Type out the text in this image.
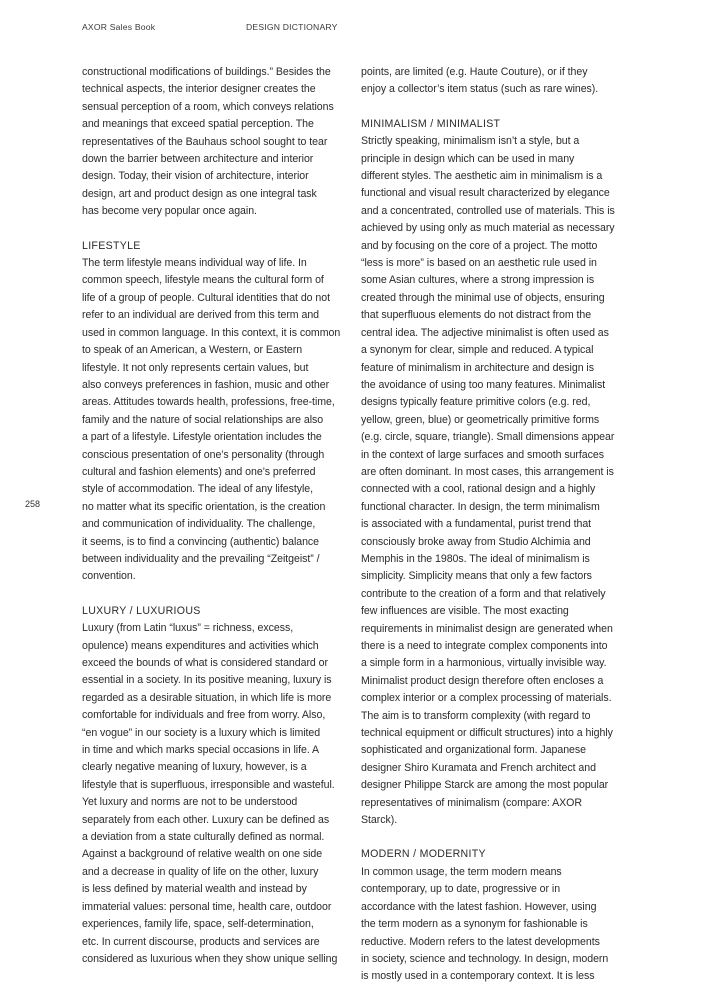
AXOR Sales Book	DESIGN DICTIONARY
258

constructional modifications of buildings.” Besides the
technical aspects, the interior designer creates the
sensual perception of a room, which conveys relations
and meanings that exceed spatial perception. The
representatives of the Bauhaus school sought to tear
down the barrier between architecture and interior
design. Today, their vision of architecture, interior
design, art and product design as one integral task
has become very popular once again.

LIFESTYLE

The term lifestyle means individual way of life. In
common speech, lifestyle means the cultural form of
life of a group of people. Cultural identities that do not
refer to an individual are derived from this term and
used in common language. In this context, it is common
to speak of an American, a Western, or Eastern
lifestyle. It not only represents certain values, but
also conveys preferences in fashion, music and other
areas. Attitudes towards health, professions, free-time,
family and the nature of social relationships are also
a part of a lifestyle. Lifestyle orientation includes the
conscious presentation of one’s personality (through
cultural and fashion elements) and one’s preferred
style of accommodation. The ideal of any lifestyle,
no matter what its specific orientation, is the creation
and communication of individuality. The challenge,
it seems, is to find a convincing (authentic) balance
between individuality and the prevailing “Zeitgeist” /
convention.

LUXURY / LUXURIOUS

Luxury (from Latin “luxus” = richness, excess,
opulence) means expenditures and activities which
exceed the bounds of what is considered standard or
essential in a society. In its positive meaning, luxury is
regarded as a desirable situation, in which life is more
comfortable for individuals and free from worry. Also,
“en vogue” in our society is a luxury which is limited
in time and which marks special occasions in life. A
clearly negative meaning of luxury, however, is a
lifestyle that is superfluous, irresponsible and wasteful.
Yet luxury and norms are not to be understood
separately from each other. Luxury can be defined as
a deviation from a state culturally defined as normal.
Against a background of relative wealth on one side
and a decrease in quality of life on the other, luxury
is less defined by material wealth and instead by
immaterial values: personal time, health care, outdoor
experiences, family life, space, self-determination,
etc. In current discourse, products and services are
considered as luxurious when they show unique selling

points, are limited (e.g. Haute Couture), or if they
enjoy a collector’s item status (such as rare wines).

MINIMALISM / MINIMALIST

Strictly speaking, minimalism isn’t a style, but a
principle in design which can be used in many
different styles. The aesthetic aim in minimalism is a
functional and visual result characterized by elegance
and a concentrated, controlled use of materials. This is
achieved by using only as much material as necessary
and by focusing on the core of a project. The motto
“less is more” is based on an aesthetic rule used in
some Asian cultures, where a strong impression is
created through the minimal use of objects, ensuring
that superfluous elements do not distract from the
central idea. The adjective minimalist is often used as
a synonym for clear, simple and reduced. A typical
feature of minimalism in architecture and design is
the avoidance of using too many features. Minimalist
designs typically feature primitive colors (e.g. red,
yellow, green, blue) or geometrically primitive forms
(e.g. circle, square, triangle). Small dimensions appear
in the context of large surfaces and smooth surfaces
are often dominant. In most cases, this arrangement is
connected with a cool, rational design and a highly
functional character. In design, the term minimalism
is associated with a fundamental, purist trend that
consciously broke away from Studio Alchimia and
Memphis in the 1980s. The ideal of minimalism is
simplicity. Simplicity means that only a few factors
contribute to the creation of a form and that relatively
few influences are visible. The most exacting
requirements in minimalist design are generated when
there is a need to integrate complex components into
a simple form in a harmonious, virtually invisible way.
Minimalist product design therefore often encloses a
complex interior or a complex processing of materials.
The aim is to transform complexity (with regard to
technical equipment or difficult structures) into a highly
sophisticated and organizational form. Japanese
designer Shiro Kuramata and French architect and
designer Philippe Starck are among the most popular
representatives of minimalism (compare: AXOR
Starck).

MODERN / MODERNITY

In common usage, the term modern means
contemporary, up to date, progressive or in
accordance with the latest fashion. However, using
the term modern as a synonym for fashionable is
reductive. Modern refers to the latest developments
in society, science and technology. In design, modern
is mostly used in a contemporary context. It is less
